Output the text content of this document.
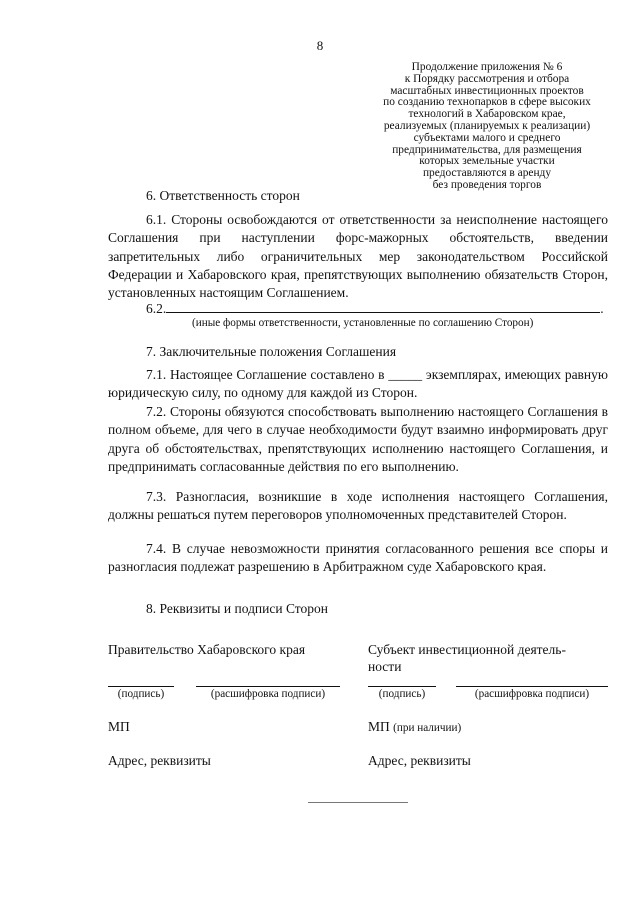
8
Продолжение приложения № 6
к Порядку рассмотрения и отбора
масштабных инвестиционных проектов
по созданию технопарков в сфере высоких
технологий в Хабаровском крае,
реализуемых (планируемых к реализации)
субъектами малого и среднего
предпринимательства, для размещения
которых земельные участки
предоставляются в аренду
без проведения торгов
6. Ответственность сторон
6.1. Стороны освобождаются от ответственности за неисполнение настоящего Соглашения при наступлении форс-мажорных обстоятельств, введении запретительных либо ограничительных мер законодательством Российской Федерации и Хабаровского края, препятствующих выполнению обязательств Сторон, установленных настоящим Соглашением.
6.2.	.
(иные формы ответственности, установленные по соглашению Сторон)
7. Заключительные положения Соглашения
7.1. Настоящее Соглашение составлено в _____ экземплярах, имеющих равную юридическую силу, по одному для каждой из Сторон.
7.2. Стороны обязуются способствовать выполнению настоящего Соглашения в полном объеме, для чего в случае необходимости будут взаимно информировать друг друга об обстоятельствах, препятствующих исполнению настоящего Соглашения, и предпринимать согласованные действия по его выполнению.
7.3. Разногласия, возникшие в ходе исполнения настоящего Соглашения, должны решаться путем переговоров уполномоченных представителей Сторон.
7.4. В случае невозможности принятия согласованного решения все споры и разногласия подлежат разрешению в Арбитражном суде Хабаровского края.
8. Реквизиты и подписи Сторон
Правительство Хабаровского края	Субъект инвестиционной деятель-
ности
(подпись)	(расшифровка подписи)	(подпись)	(расшифровка подписи)
МП	МП (при наличии)
Адрес, реквизиты	Адрес, реквизиты
